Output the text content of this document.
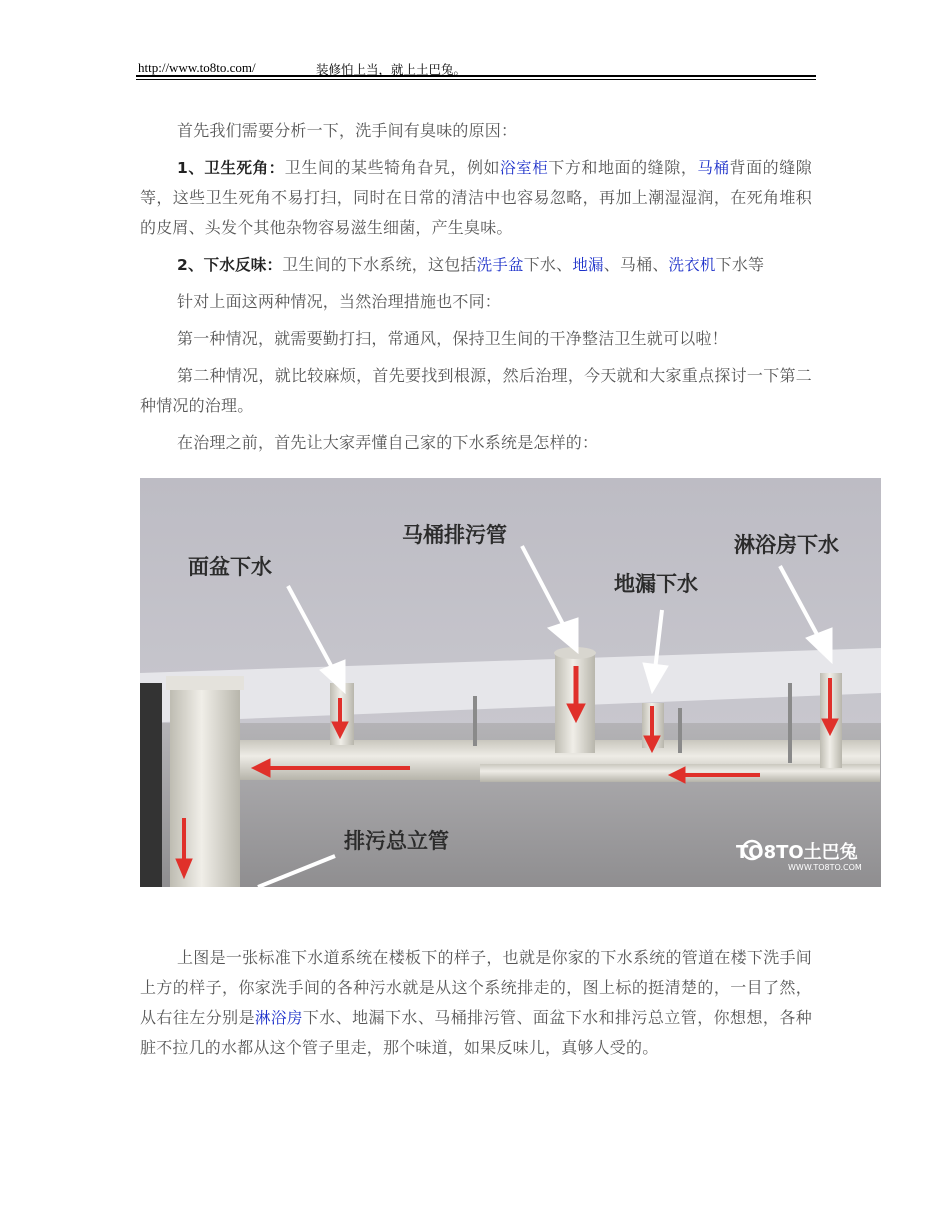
http://www.to8to.com/	装修怕上当，就上土巴兔。

首先我们需要分析一下，洗手间有臭味的原因：

1、卫生死角：卫生间的某些犄角旮旯，例如浴室柜下方和地面的缝隙，马桶背面的缝隙等，这些卫生死角不易打扫，同时在日常的清洁中也容易忽略，再加上潮湿湿润，在死角堆积的皮屑、头发个其他杂物容易滋生细菌，产生臭味。

2、下水反味：卫生间的下水系统，这包括洗手盆下水、地漏、马桶、洗衣机下水等

针对上面这两种情况，当然治理措施也不同：

第一种情况，就需要勤打扫，常通风，保持卫生间的干净整洁卫生就可以啦！

第二种情况，就比较麻烦，首先要找到根源，然后治理，今天就和大家重点探讨一下第二种情况的治理。

在治理之前，首先让大家弄懂自己家的下水系统是怎样的：

面盆下水
马桶排污管
地漏下水
淋浴房下水
排污总立管	TO8TO土巴兔
WWW.TO8TO.COM

上图是一张标准下水道系统在楼板下的样子，也就是你家的下水系统的管道在楼下洗手间上方的样子，你家洗手间的各种污水就是从这个系统排走的，图上标的挺清楚的，一目了然，从右往左分别是淋浴房下水、地漏下水、马桶排污管、面盆下水和排污总立管，你想想，各种脏不拉几的水都从这个管子里走，那个味道，如果反味儿，真够人受的。
